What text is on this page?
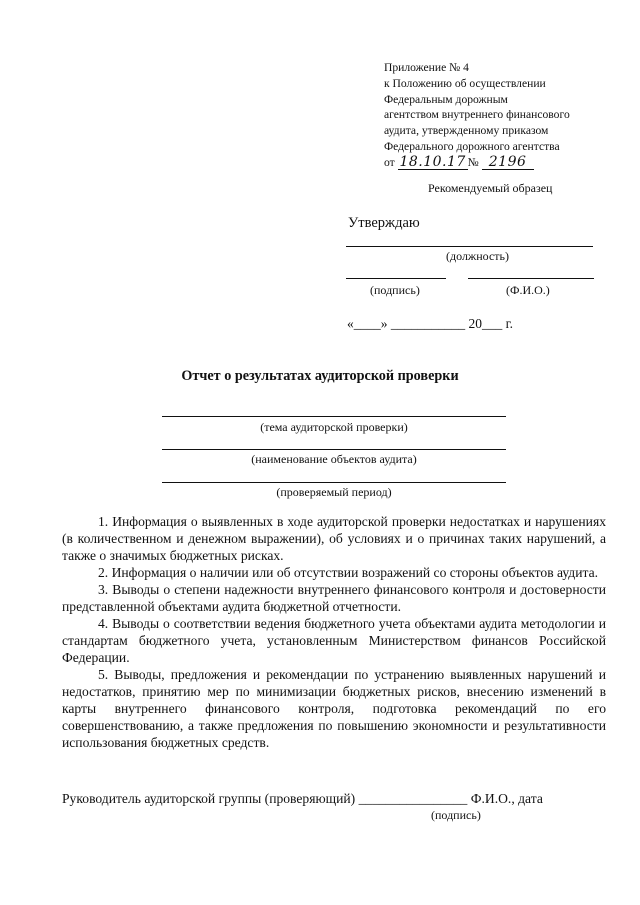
Приложение № 4
к Положению об осуществлении
Федеральным дорожным
агентством внутреннего финансового
аудита, утвержденному приказом
Федерального дорожного агентства
от 18.10.17 № 2196
Рекомендуемый образец
Утверждаю
(должность)
(подпись)	(Ф.И.О.)
«____» ___________ 20___ г.
Отчет о результатах аудиторской проверки
(тема аудиторской проверки)
(наименование объектов аудита)
(проверяемый период)

1. Информация о выявленных в ходе аудиторской проверки недостатках и нарушениях (в количественном и денежном выражении), об условиях и о причинах таких нарушений, а также о значимых бюджетных рисках.

2. Информация о наличии или об отсутствии возражений со стороны объектов аудита.

3. Выводы о степени надежности внутреннего финансового контроля и достоверности представленной объектами аудита бюджетной отчетности.

4. Выводы о соответствии ведения бюджетного учета объектами аудита методологии и стандартам бюджетного учета, установленным Министерством финансов Российской Федерации.

5. Выводы, предложения и рекомендации по устранению выявленных нарушений и недостатков, принятию мер по минимизации бюджетных рисков, внесению изменений в карты внутреннего финансового контроля, подготовка рекомендаций по его совершенствованию, а также предложения по повышению экономности и результативности использования бюджетных средств.

Руководитель аудиторской группы (проверяющий) ________________ Ф.И.О., дата
(подпись)
